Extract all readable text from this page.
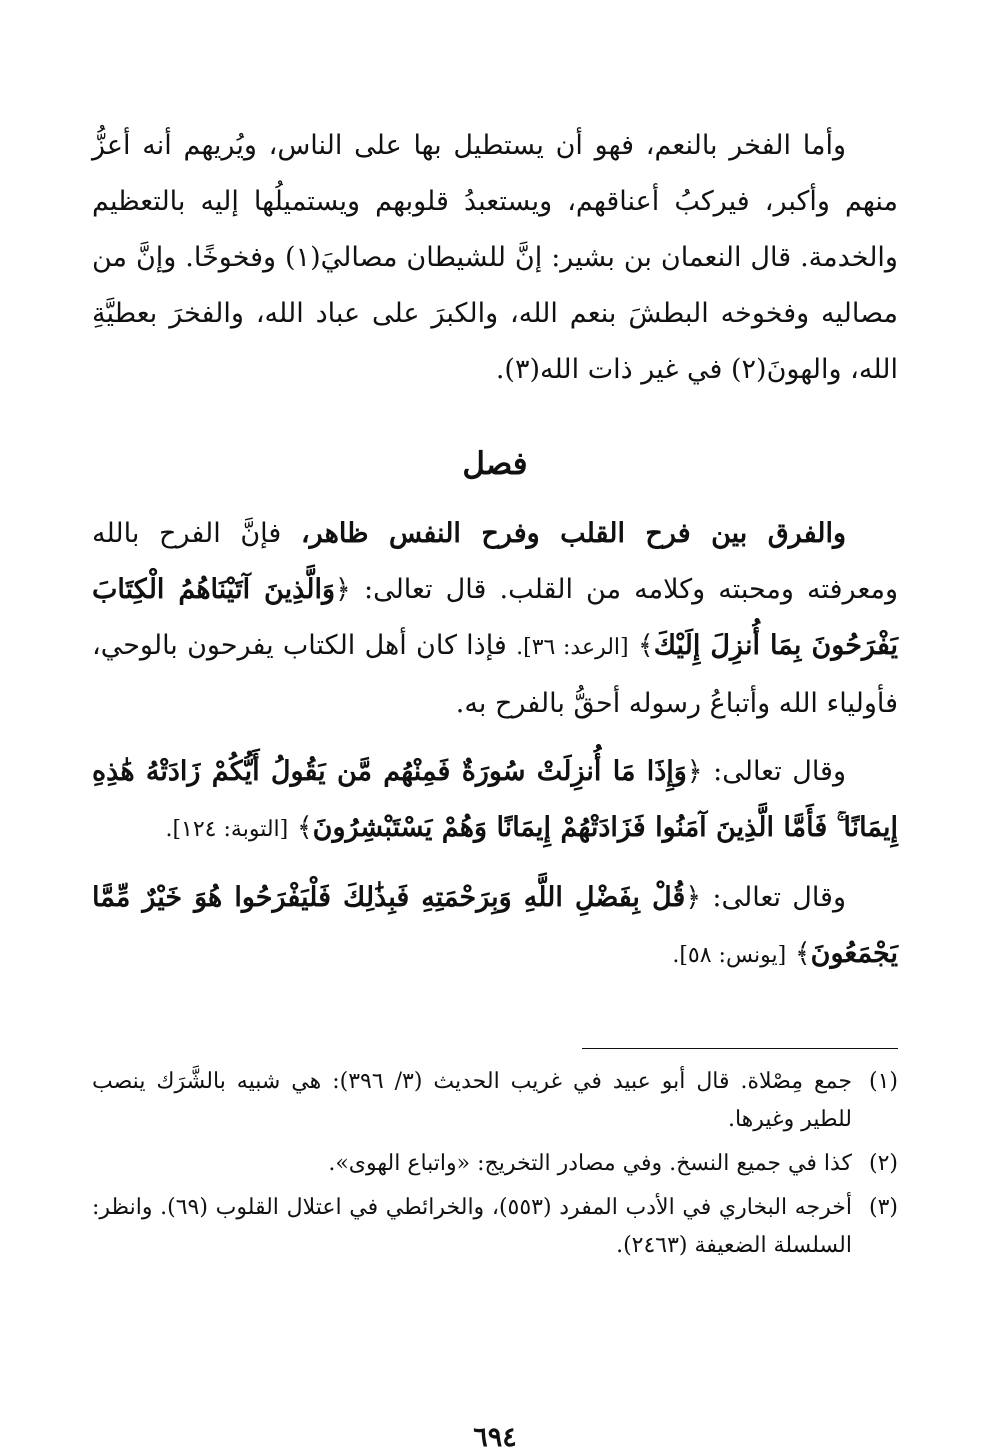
وأما الفخر بالنعم، فهو أن يستطيل بها على الناس، ويُريهم أنه أعزُّ منهم وأكبر، فيركبُ أعناقهم، ويستعبدُ قلوبهم ويستميلُها إليه بالتعظيم والخدمة. قال النعمان بن بشير: إنَّ للشيطان مصاليَ(١) وفخوخًا. وإنَّ من مصاليه وفخوخه البطشَ بنعم الله، والكبرَ على عباد الله، والفخرَ بعطيَّةِ الله، والهونَ(٢) في غير ذات الله(٣).

فصل

والفرق بين فرح القلب وفرح النفس ظاهر، فإنَّ الفرح بالله ومعرفته ومحبته وكلامه من القلب. قال تعالى: ﴿وَالَّذِينَ آتَيْنَاهُمُ الْكِتَابَ يَفْرَحُونَ بِمَا أُنزِلَ إِلَيْكَ﴾ [الرعد: ٣٦]. فإذا كان أهل الكتاب يفرحون بالوحي، فأولياء الله وأتباعُ رسوله أحقُّ بالفرح به.

وقال تعالى: ﴿وَإِذَا مَا أُنزِلَتْ سُورَةٌ فَمِنْهُم مَّن يَقُولُ أَيُّكُمْ زَادَتْهُ هَٰذِهِ إِيمَانًا ۚ فَأَمَّا الَّذِينَ آمَنُوا فَزَادَتْهُمْ إِيمَانًا وَهُمْ يَسْتَبْشِرُونَ﴾ [التوبة: ١٢٤].

وقال تعالى: ﴿قُلْ بِفَضْلِ اللَّهِ وَبِرَحْمَتِهِ فَبِذَٰلِكَ فَلْيَفْرَحُوا هُوَ خَيْرٌ مِّمَّا يَجْمَعُونَ﴾ [يونس: ٥٨].

(١)
جمع مِصْلاة. قال أبو عبيد في غريب الحديث (٣/ ٣٩٦): هي شبيه بالشَّرَك ينصب للطير وغيرها.
(٢)
كذا في جميع النسخ. وفي مصادر التخريج: «واتباع الهوى».
(٣)
أخرجه البخاري في الأدب المفرد (٥٥٣)، والخرائطي في اعتلال القلوب (٦٩). وانظر: السلسلة الضعيفة (٢٤٦٣).
٦٩٤
